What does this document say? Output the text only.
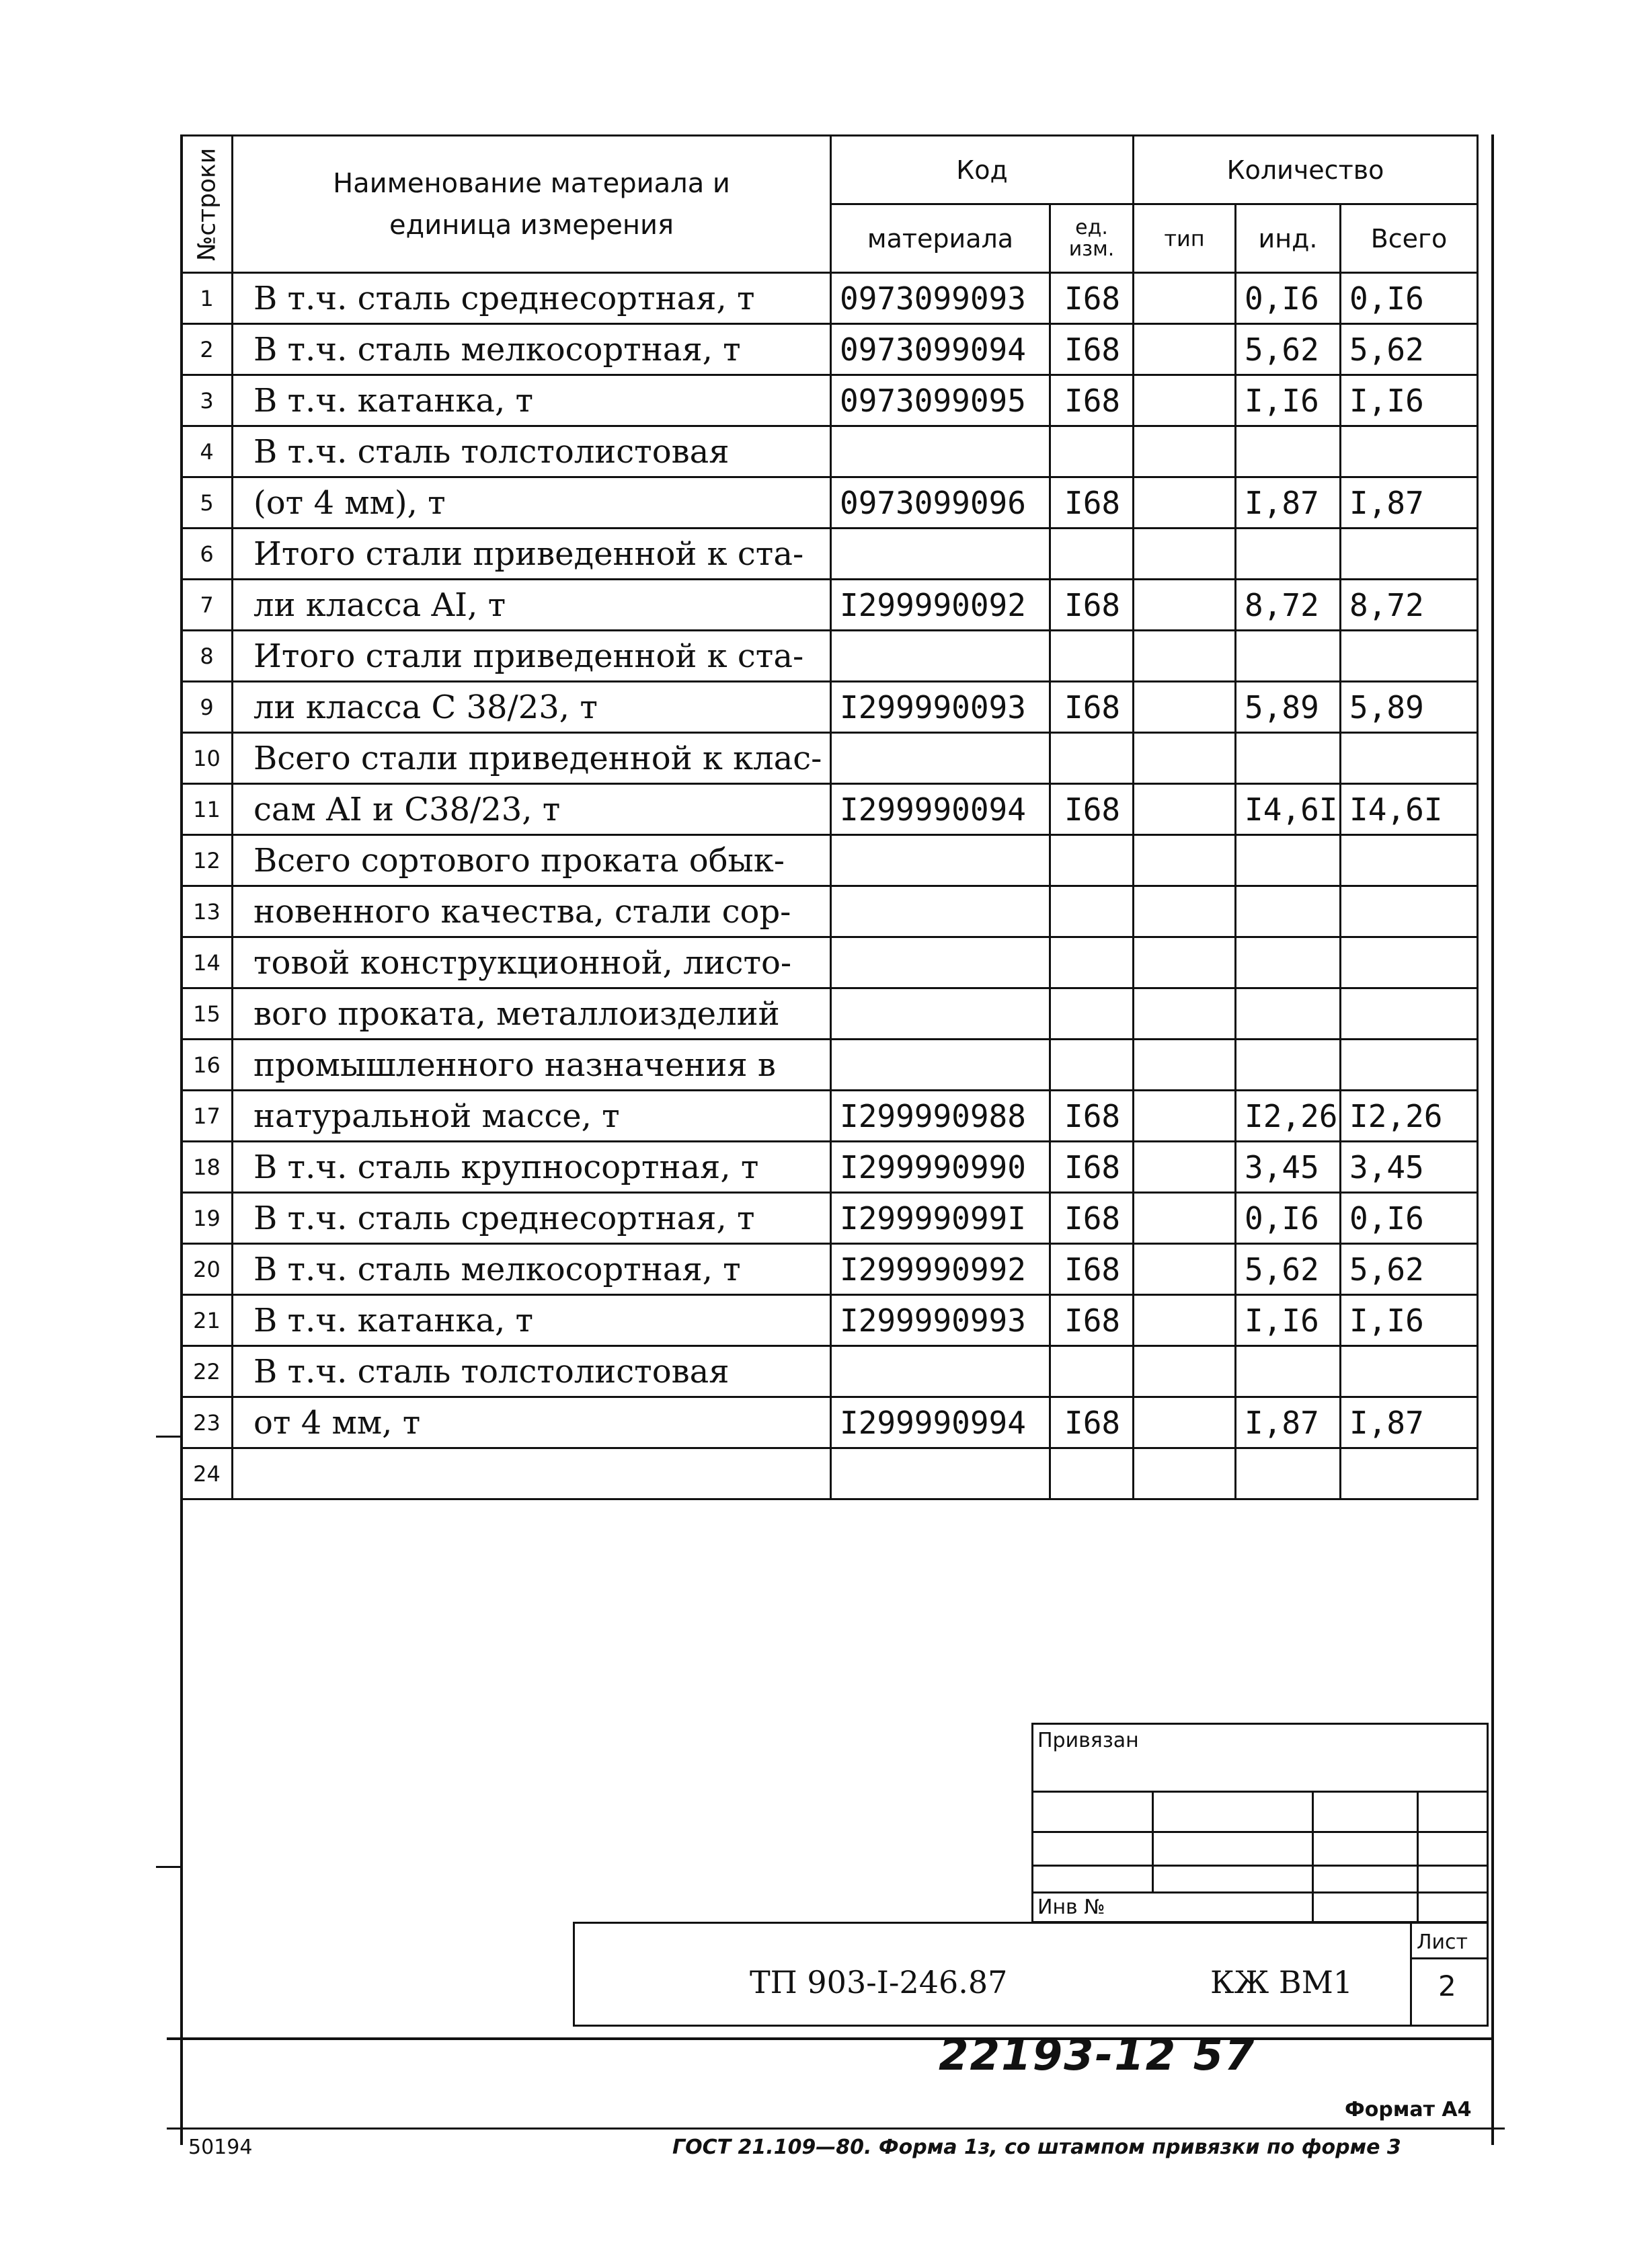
№строки	Наименование материала и единица измерения	Код		Количество		
		материала	ед. изм.	тип	инд.	Всего
1	В т.ч. сталь среднесортная, т	0973099093	I68		0,I6	0,I6
2	В т.ч. сталь мелкосортная, т	0973099094	I68		5,62	5,62
3	В т.ч. катанка, т	0973099095	I68		I,I6	I,I6
4	В т.ч. сталь толстолистовая					
5	(от 4 мм), т	0973099096	I68		I,87	I,87
6	Итого стали приведенной к ста-					
7	ли класса AI, т	I299990092	I68		8,72	8,72
8	Итого стали приведенной к ста-					
9	ли класса С 38/23, т	I299990093	I68		5,89	5,89
10	Всего стали приведенной к клас-					
11	сам AI и С38/23, т	I299990094	I68		I4,6I	I4,6I
12	Всего сортового проката обык-					
13	новенного качества, стали сор-					
14	товой конструкционной, листо-					
15	вого проката, металлоизделий					
16	промышленного назначения в					
17	натуральной массе, т	I299990988	I68		I2,26	I2,26
18	В т.ч. сталь крупносортная, т	I299990990	I68		3,45	3,45
19	В т.ч. сталь среднесортная, т	I29999099I	I68		0,I6	0,I6
20	В т.ч. сталь мелкосортная, т	I299990992	I68		5,62	5,62
21	В т.ч. катанка, т	I299990993	I68		I,I6	I,I6
22	В т.ч. сталь толстолистовая					
23	от 4 мм, т	I299990994	I68		I,87	I,87
24						
Привязан
Инв №
Лист
2
ТП 903-I-246.87	КЖ ВМ1
22193-12 57
Формат А4
50194	ГОСТ 21.109—80. Форма 1з, со штампом привязки по форме 3
